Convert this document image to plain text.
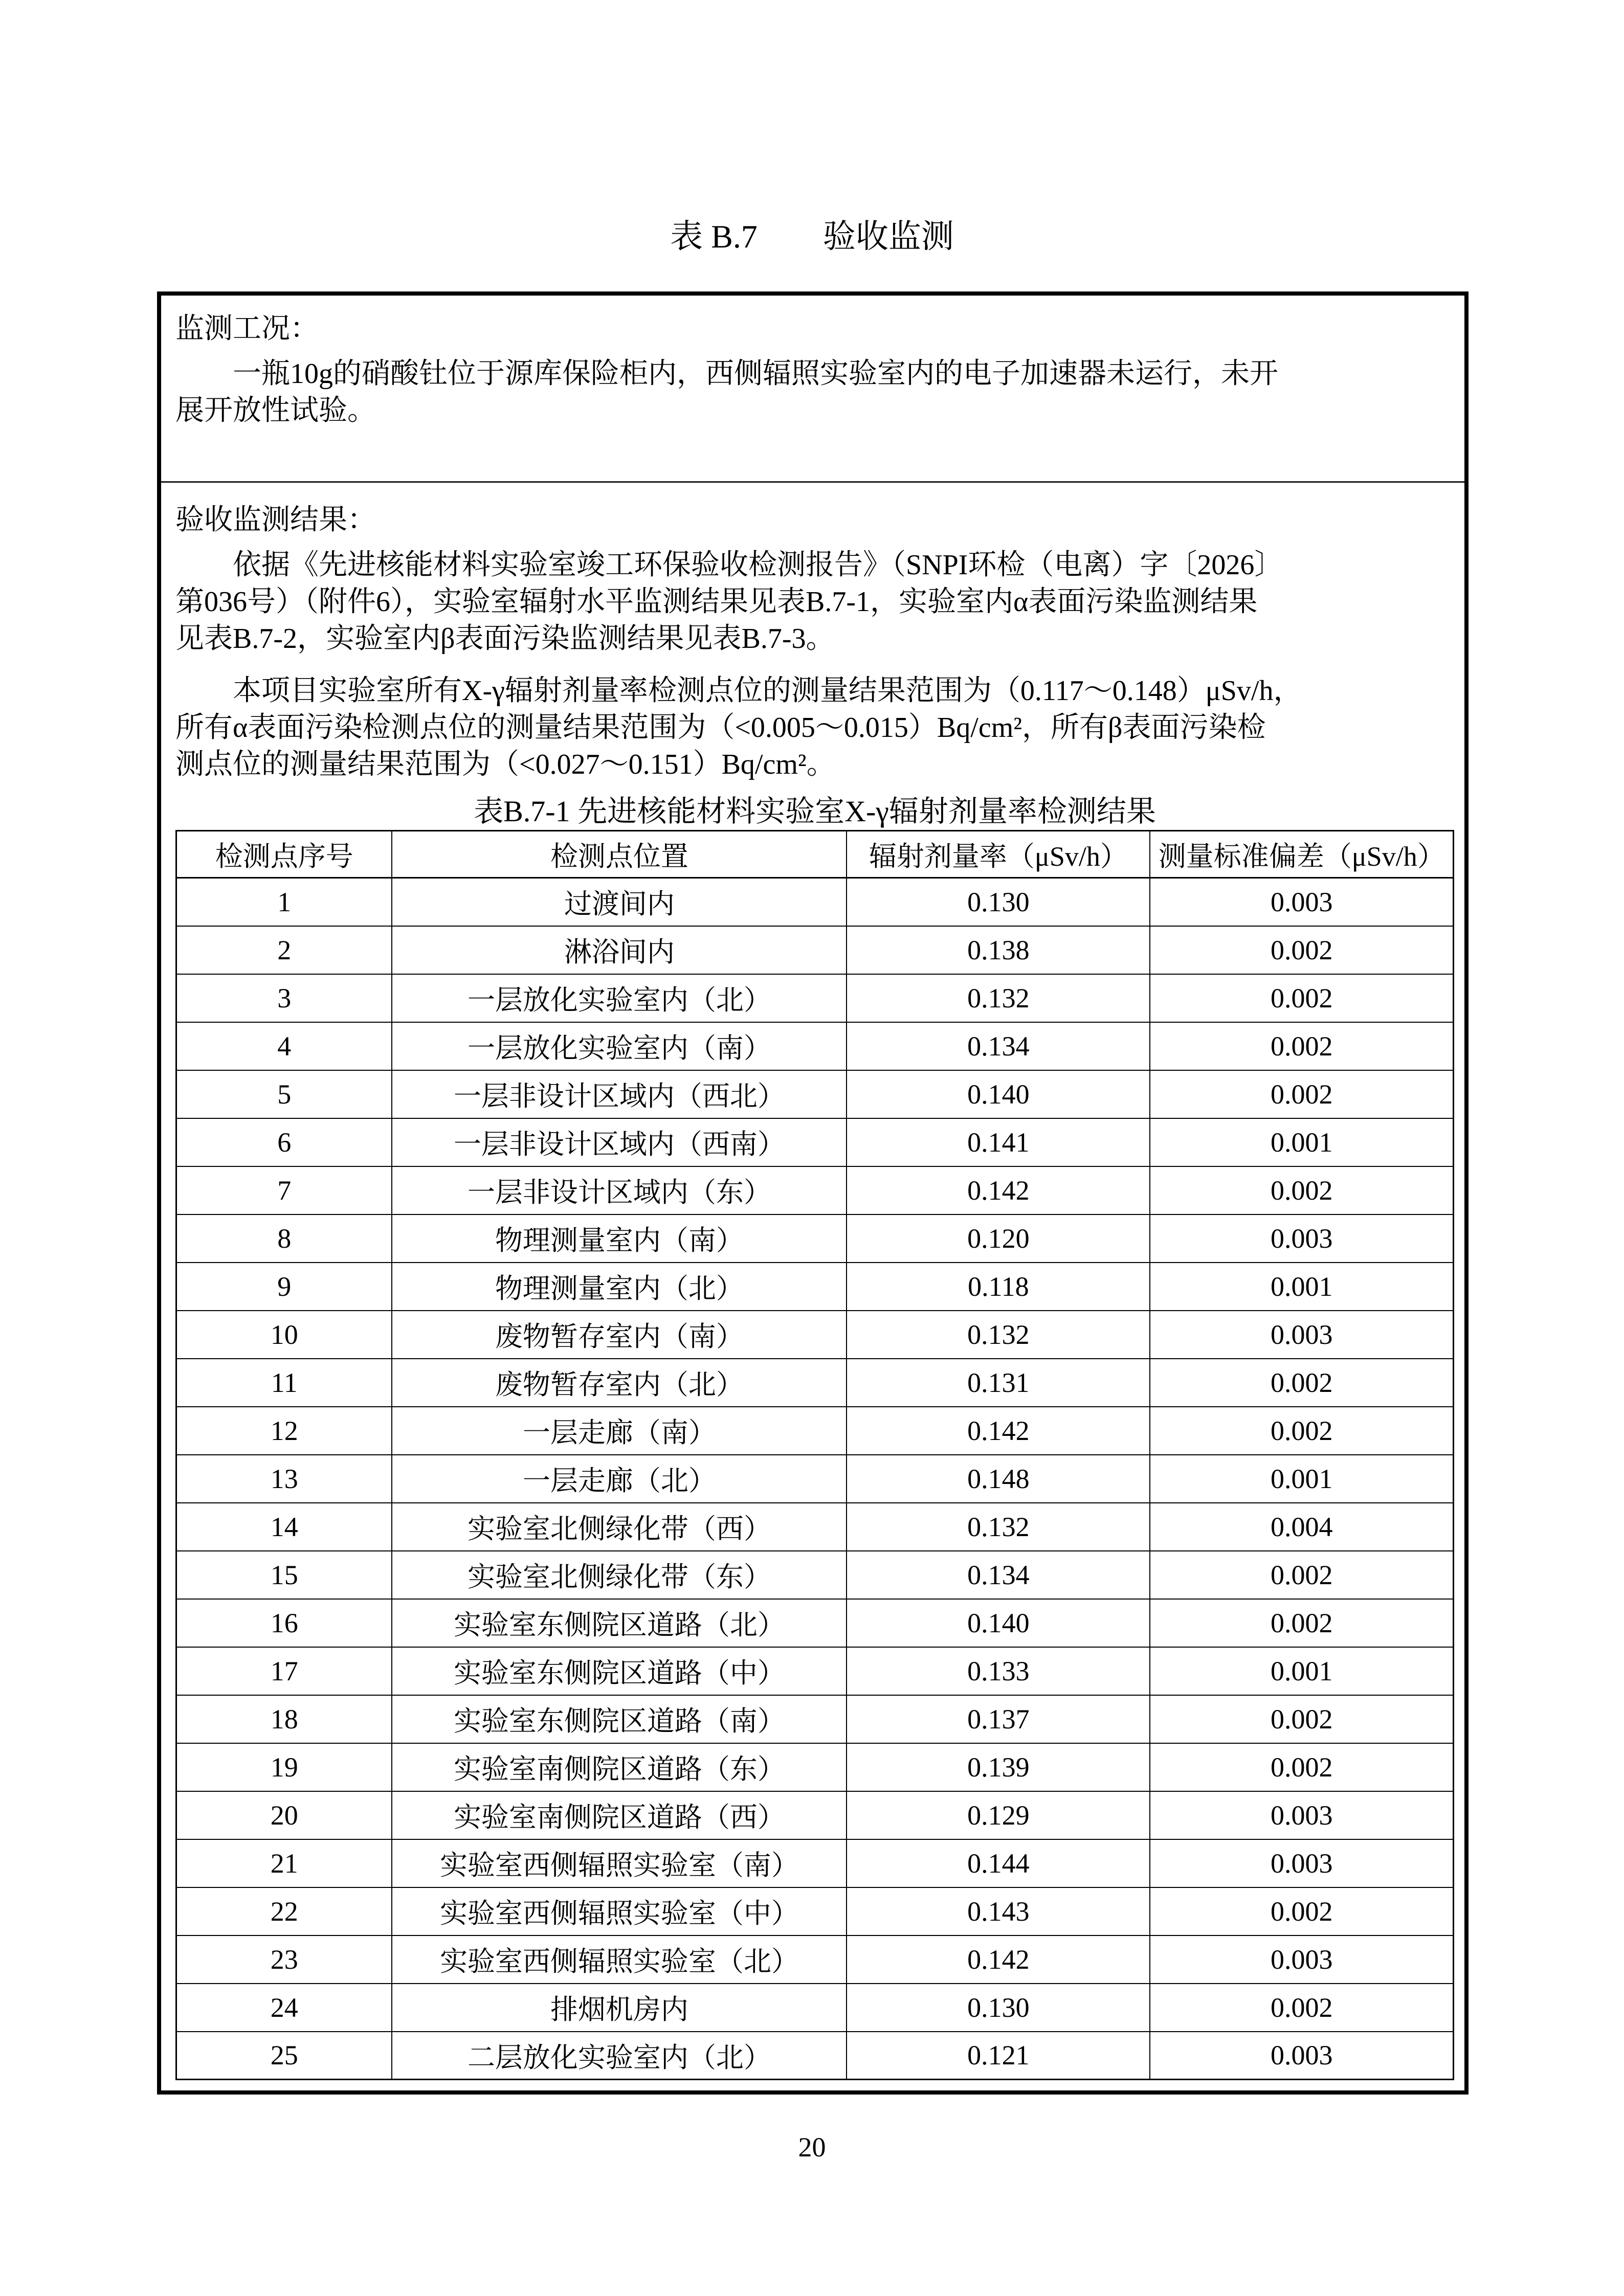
表 B.7　　验收监测
监测工况：
一瓶10g的硝酸钍位于源库保险柜内，西侧辐照实验室内的电子加速器未运行，未开
展开放性试验。
验收监测结果：
依据《先进核能材料实验室竣工环保验收检测报告》（SNPI环检（电离）字〔2026〕
第036号）（附件6），实验室辐射水平监测结果见表B.7-1，实验室内α表面污染监测结果
见表B.7-2，实验室内β表面污染监测结果见表B.7-3。
本项目实验室所有X-γ辐射剂量率检测点位的测量结果范围为（0.117～0.148）μSv/h，
所有α表面污染检测点位的测量结果范围为（<0.005～0.015）Bq/cm²，所有β表面污染检
测点位的测量结果范围为（<0.027～0.151）Bq/cm²。
表B.7-1 先进核能材料实验室X-γ辐射剂量率检测结果
检测点序号	检测点位置	辐射剂量率（μSv/h）	测量标准偏差（μSv/h）
1	过渡间内	0.130	0.003
2	淋浴间内	0.138	0.002
3	一层放化实验室内（北）	0.132	0.002
4	一层放化实验室内（南）	0.134	0.002
5	一层非设计区域内（西北）	0.140	0.002
6	一层非设计区域内（西南）	0.141	0.001
7	一层非设计区域内（东）	0.142	0.002
8	物理测量室内（南）	0.120	0.003
9	物理测量室内（北）	0.118	0.001
10	废物暂存室内（南）	0.132	0.003
11	废物暂存室内（北）	0.131	0.002
12	一层走廊（南）	0.142	0.002
13	一层走廊（北）	0.148	0.001
14	实验室北侧绿化带（西）	0.132	0.004
15	实验室北侧绿化带（东）	0.134	0.002
16	实验室东侧院区道路（北）	0.140	0.002
17	实验室东侧院区道路（中）	0.133	0.001
18	实验室东侧院区道路（南）	0.137	0.002
19	实验室南侧院区道路（东）	0.139	0.002
20	实验室南侧院区道路（西）	0.129	0.003
21	实验室西侧辐照实验室（南）	0.144	0.003
22	实验室西侧辐照实验室（中）	0.143	0.002
23	实验室西侧辐照实验室（北）	0.142	0.003
24	排烟机房内	0.130	0.002
25	二层放化实验室内（北）	0.121	0.003
20
